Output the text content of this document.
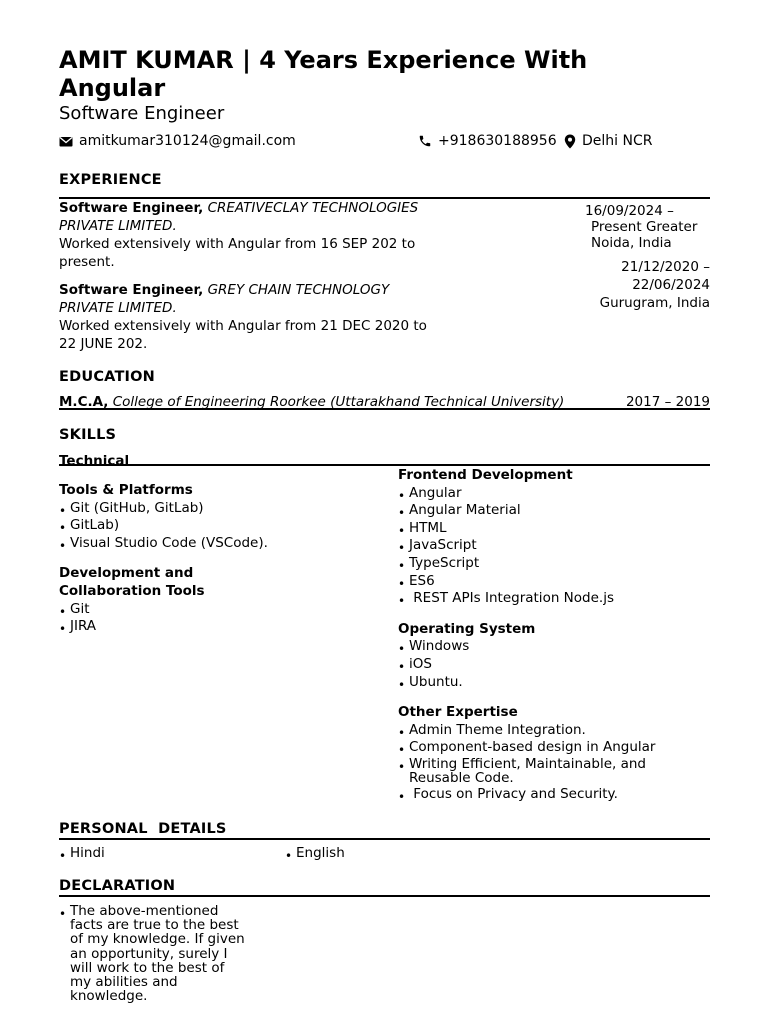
AMIT KUMAR | 4 Years Experience With Angular
Software Engineer
amitkumar310124@gmail.com	+918630188956 Delhi NCR
EXPERIENCE
Software Engineer, CREATIVECLAY TECHNOLOGIES
PRIVATE LIMITED.
Worked extensively with Angular from 16 SEP 202 to
present.
16/09/2024 –
Present Greater
Noida, India
Software Engineer, GREY CHAIN TECHNOLOGY
PRIVATE LIMITED.
Worked extensively with Angular from 21 DEC 2020 to
22 JUNE 202.
21/12/2020 –
22/06/2024
Gurugram, India
EDUCATION
M.C.A, College of Engineering Roorkee (Uttarakhand Technical University)	2017 – 2019
SKILLS
Technical
Tools & Platforms
• Git (GitHub, GitLab)
• GitLab)
• Visual Studio Code (VSCode).
Development and
Collaboration Tools
• Git
• JIRA
Frontend Development
• Angular
• Angular Material
• HTML
• JavaScript
• TypeScript
• ES6
•  REST APIs Integration Node.js
Operating System
• Windows
• iOS
• Ubuntu.
Other Expertise
• Admin Theme Integration.
• Component-based design in Angular
• Writing Efficient, Maintainable, and
Reusable Code.
•  Focus on Privacy and Security.
PERSONAL  DETAILS
• Hindi
•	English
DECLARATION
• The above-mentioned
facts are true to the best
of my knowledge. If given
an opportunity, surely I
will work to the best of
my abilities and
knowledge.
